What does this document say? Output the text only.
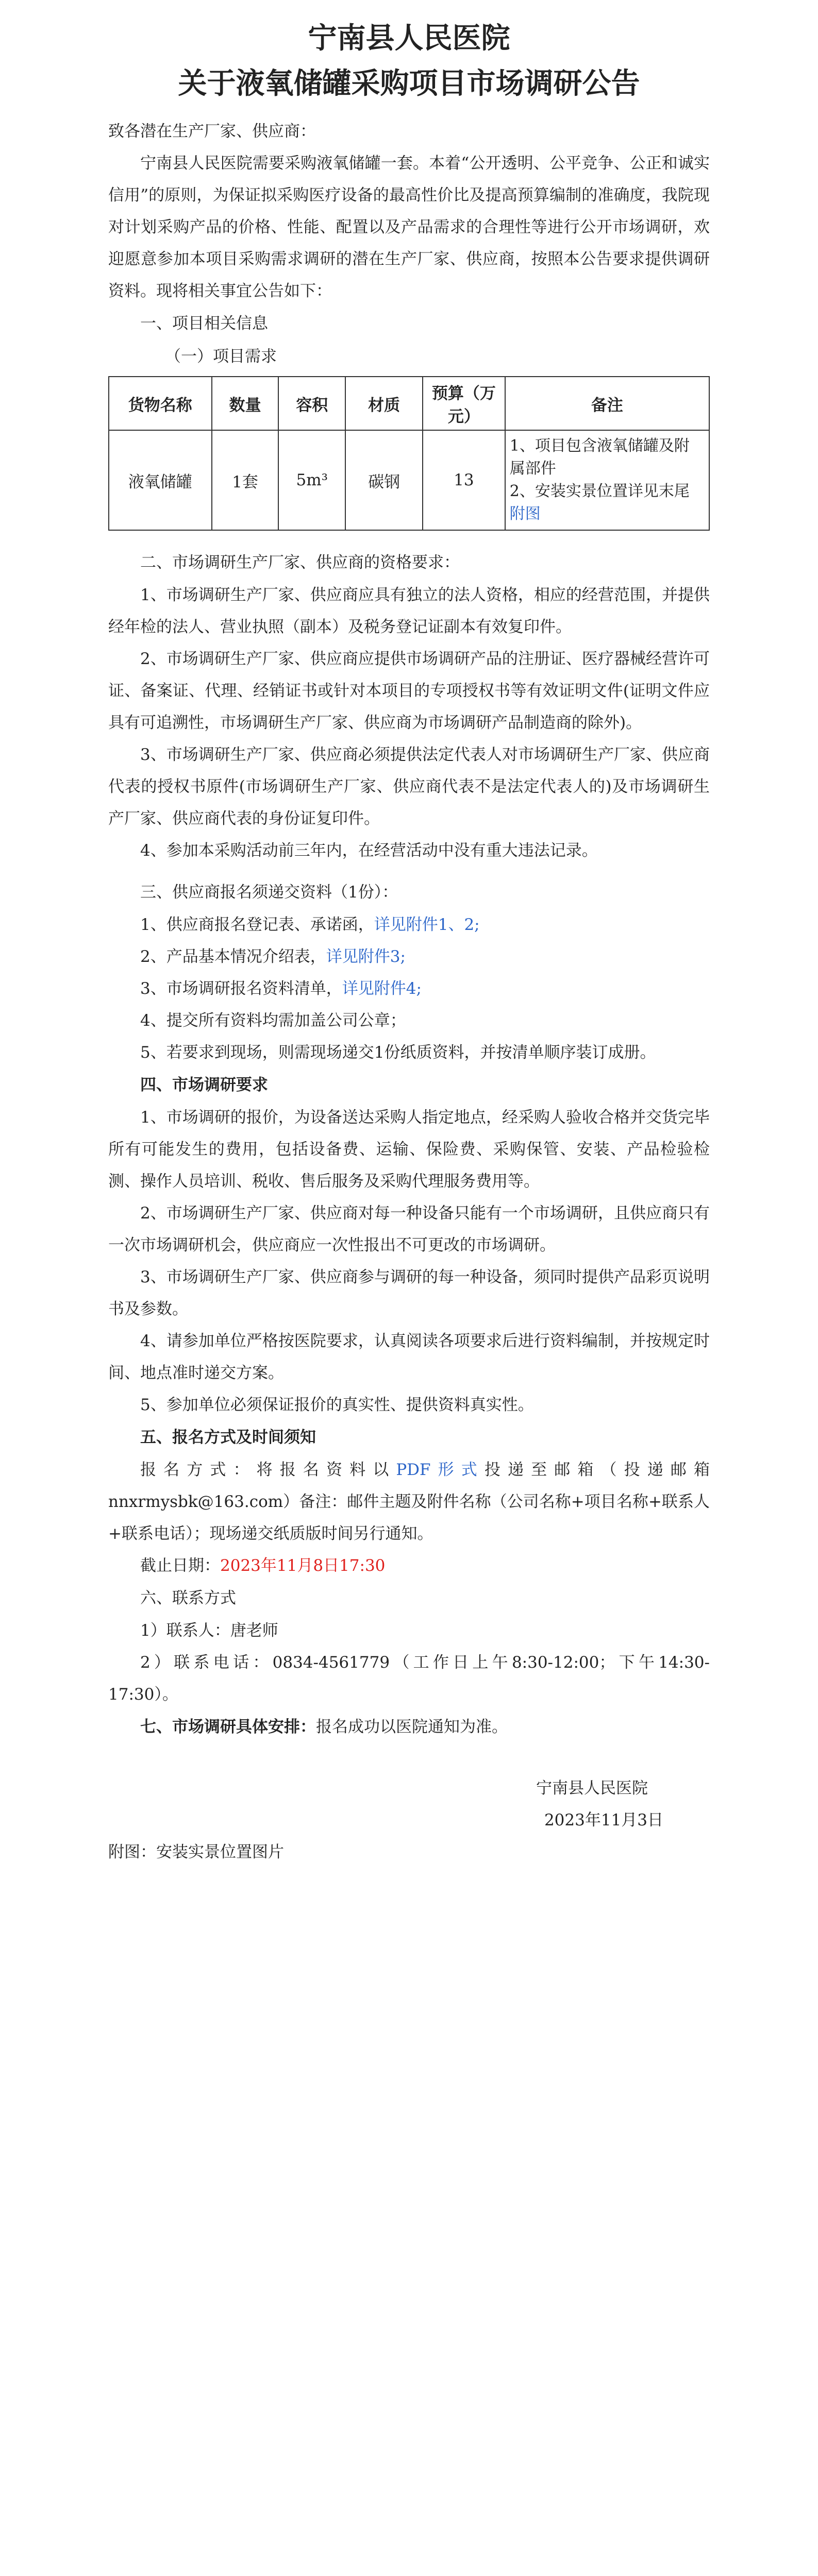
宁南县人民医院
关于液氧储罐采购项目市场调研公告

致各潜在生产厂家、供应商：

宁南县人民医院需要采购液氧储罐一套。本着“公开透明、公平竞争、公正和诚实信用”的原则，为保证拟采购医疗设备的最高性价比及提高预算编制的准确度，我院现对计划采购产品的价格、性能、配置以及产品需求的合理性等进行公开市场调研，欢迎愿意参加本项目采购需求调研的潜在生产厂家、供应商，按照本公告要求提供调研资料。现将相关事宜公告如下：

一、项目相关信息

（一）项目需求

货物名称	数量	容积	材质	预算（万元）	备注
液氧储罐	1套	5m³	碳钢	13	1、项目包含液氧储罐及附属部件
2、安装实景位置详见末尾附图

二、市场调研生产厂家、供应商的资格要求：

1、市场调研生产厂家、供应商应具有独立的法人资格，相应的经营范围，并提供经年检的法人、营业执照（副本）及税务登记证副本有效复印件。

2、市场调研生产厂家、供应商应提供市场调研产品的注册证、医疗器械经营许可证、备案证、代理、经销证书或针对本项目的专项授权书等有效证明文件(证明文件应具有可追溯性，市场调研生产厂家、供应商为市场调研产品制造商的除外)。

3、市场调研生产厂家、供应商必须提供法定代表人对市场调研生产厂家、供应商代表的授权书原件(市场调研生产厂家、供应商代表不是法定代表人的)及市场调研生产厂家、供应商代表的身份证复印件。

4、参加本采购活动前三年内，在经营活动中没有重大违法记录。

三、供应商报名须递交资料（1份）：

1、供应商报名登记表、承诺函，详见附件1、2;

2、产品基本情况介绍表，详见附件3;

3、市场调研报名资料清单，详见附件4;

4、提交所有资料均需加盖公司公章；

5、若要求到现场，则需现场递交1份纸质资料，并按清单顺序装订成册。

四、市场调研要求

1、市场调研的报价，为设备送达采购人指定地点，经采购人验收合格并交货完毕所有可能发生的费用，包括设备费、运输、保险费、采购保管、安装、产品检验检测、操作人员培训、税收、售后服务及采购代理服务费用等。

2、市场调研生产厂家、供应商对每一种设备只能有一个市场调研，且供应商只有一次市场调研机会，供应商应一次性报出不可更改的市场调研。

3、市场调研生产厂家、供应商参与调研的每一种设备，须同时提供产品彩页说明书及参数。

4、请参加单位严格按医院要求，认真阅读各项要求后进行资料编制，并按规定时间、地点准时递交方案。

5、参加单位必须保证报价的真实性、提供资料真实性。

五、报名方式及时间须知

报名方式：将报名资料以PDF形式投递至邮箱（投递邮箱nnxrmysbk@163.com）备注：邮件主题及附件名称（公司名称+项目名称+联系人+联系电话）；现场递交纸质版时间另行通知。

截止日期：2023年11月8日17:30

六、联系方式

1）联系人：唐老师

2）联系电话：0834-4561779（工作日上午8:30-12:00；下午14:30-17:30）。

七、市场调研具体安排：报名成功以医院通知为准。

宁南县人民医院

2023年11月3日

附图：安装实景位置图片
